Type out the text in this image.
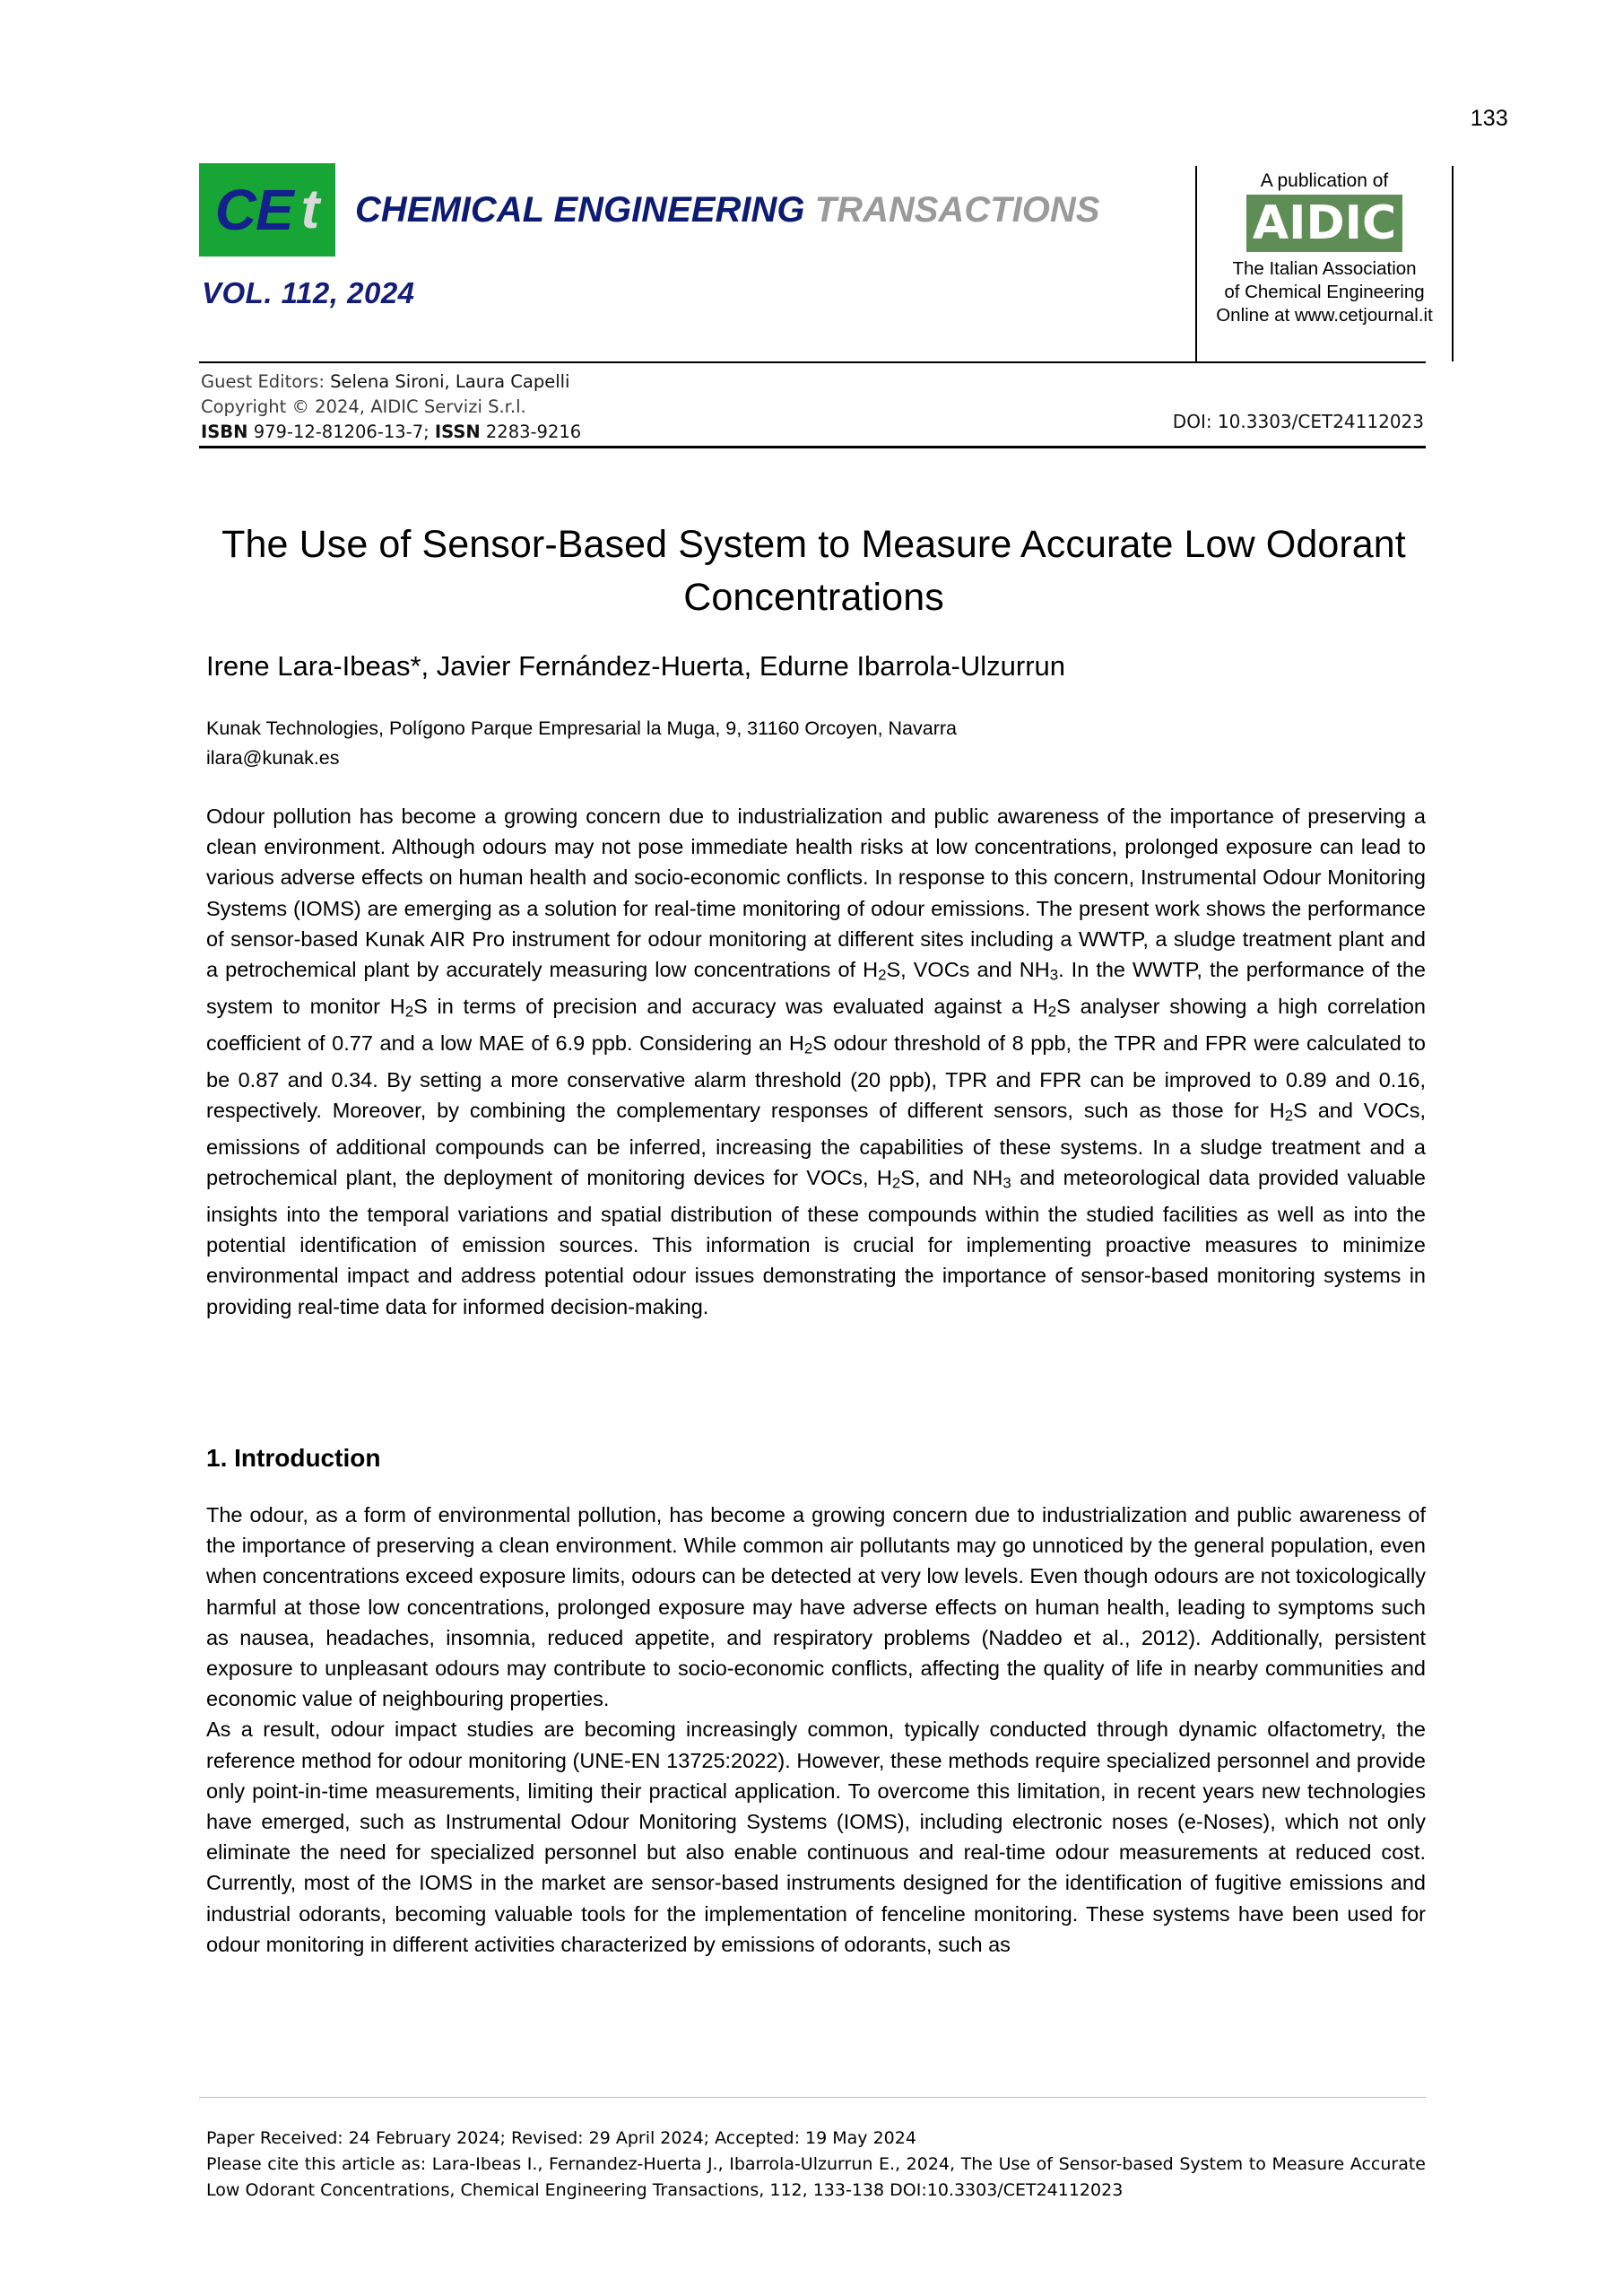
133
CE t CHEMICAL ENGINEERING TRANSACTIONS
VOL. 112, 2024
A publication of
AIDIC
The Italian Association
of Chemical Engineering
Online at www.cetjournal.it
Guest Editors: Selena Sironi, Laura Capelli
Copyright © 2024, AIDIC Servizi S.r.l.
ISBN 979-12-81206-13-7; ISSN 2283-9216	DOI: 10.3303/CET24112023
The Use of Sensor-Based System to Measure Accurate Low Odorant Concentrations
Irene Lara-Ibeas*, Javier Fernández-Huerta, Edurne Ibarrola-Ulzurrun
Kunak Technologies, Polígono Parque Empresarial la Muga, 9, 31160 Orcoyen, Navarra
ilara@kunak.es
Odour pollution has become a growing concern due to industrialization and public awareness of the importance of preserving a clean environment. Although odours may not pose immediate health risks at low concentrations, prolonged exposure can lead to various adverse effects on human health and socio-economic conflicts. In response to this concern, Instrumental Odour Monitoring Systems (IOMS) are emerging as a solution for real-time monitoring of odour emissions. The present work shows the performance of sensor-based Kunak AIR Pro instrument for odour monitoring at different sites including a WWTP, a sludge treatment plant and a petrochemical plant by accurately measuring low concentrations of $H_2S$, VOCs and $NH_3$. In the WWTP, the performance of the system to monitor $H_2S$ in terms of precision and accuracy was evaluated against a $H_2S$ analyser showing a high correlation coefficient of 0.77 and a low MAE of 6.9 ppb. Considering an $H_2S$ odour threshold of 8 ppb, the TPR and FPR were calculated to be 0.87 and 0.34. By setting a more conservative alarm threshold (20 ppb), TPR and FPR can be improved to 0.89 and 0.16, respectively. Moreover, by combining the complementary responses of different sensors, such as those for $H_2S$ and VOCs, emissions of additional compounds can be inferred, increasing the capabilities of these systems. In a sludge treatment and a petrochemical plant, the deployment of monitoring devices for VOCs, $H_2S$, and $NH_3$ and meteorological data provided valuable insights into the temporal variations and spatial distribution of these compounds within the studied facilities as well as into the potential identification of emission sources. This information is crucial for implementing proactive measures to minimize environmental impact and address potential odour issues demonstrating the importance of sensor-based monitoring systems in providing real-time data for informed decision-making.
1. Introduction

The odour, as a form of environmental pollution, has become a growing concern due to industrialization and public awareness of the importance of preserving a clean environment. While common air pollutants may go unnoticed by the general population, even when concentrations exceed exposure limits, odours can be detected at very low levels. Even though odours are not toxicologically harmful at those low concentrations, prolonged exposure may have adverse effects on human health, leading to symptoms such as nausea, headaches, insomnia, reduced appetite, and respiratory problems (Naddeo et al., 2012). Additionally, persistent exposure to unpleasant odours may contribute to socio-economic conflicts, affecting the quality of life in nearby communities and economic value of neighbouring properties.

As a result, odour impact studies are becoming increasingly common, typically conducted through dynamic olfactometry, the reference method for odour monitoring (UNE-EN 13725:2022). However, these methods require specialized personnel and provide only point-in-time measurements, limiting their practical application. To overcome this limitation, in recent years new technologies have emerged, such as Instrumental Odour Monitoring Systems (IOMS), including electronic noses (e-Noses), which not only eliminate the need for specialized personnel but also enable continuous and real-time odour measurements at reduced cost. Currently, most of the IOMS in the market are sensor-based instruments designed for the identification of fugitive emissions and industrial odorants, becoming valuable tools for the implementation of fenceline monitoring. These systems have been used for odour monitoring in different activities characterized by emissions of odorants, such as

Paper Received: 24 February 2024; Revised: 29 April 2024; Accepted: 19 May 2024
Please cite this article as: Lara-Ibeas I., Fernandez-Huerta J., Ibarrola-Ulzurrun E., 2024, The Use of Sensor-based System to Measure Accurate Low Odorant Concentrations, Chemical Engineering Transactions, 112, 133-138 DOI:10.3303/CET24112023
